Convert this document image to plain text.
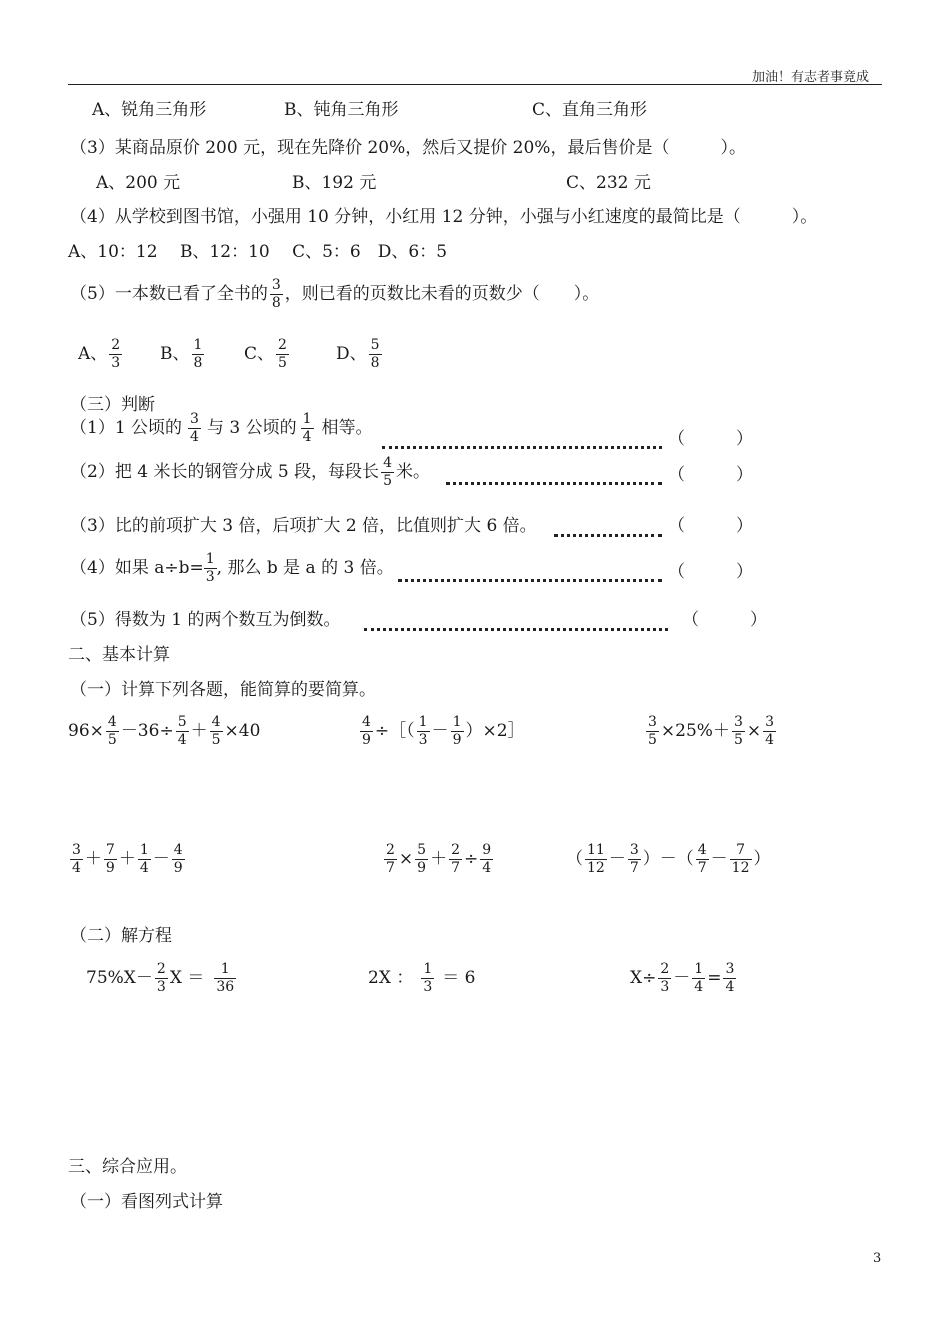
加油！有志者事竟成
A、锐角三角形	B、钝角三角形	C、直角三角形
（3）某商品原价 200 元，现在先降价 20%，然后又提价 20%，最后售价是（　　　）。
A、200 元	B、192 元	C、232 元
（4）从学校到图书馆，小强用 10 分钟，小红用 12 分钟，小强与小红速度的最简比是（　　　）。
A、10：12　 B、12：10　 C、5：6　D、6：5
（5）一本数已看了全书的 $\frac{3}{8}$ ，则已看的页数比未看的页数少（　　）。
A、 $\frac{2}{3}$ B、 $\frac{1}{8}$ C、 $\frac{2}{5}$	D、 $\frac{5}{8}$
（三）判断
（1）1 公顷的 $\frac{3}{4}$ 与 3 公顷的 $\frac{1}{4}$ 相等。
（　　　）
（2）把 4 米长的钢管分成 5 段，每段长 $\frac{4}{5}$ 米。	（　　　）
（3）比的前项扩大 3 倍，后项扩大 2 倍，比值则扩大 6 倍。	（　　　）
（4）如果 $a\div b= \frac{1}{3}$ , 那么 b 是 a 的 3 倍。	（　　　）
（5）得数为 1 的两个数互为倒数。	（　　　）
二、基本计算
（一）计算下列各题，能简算的要简算。
$96\times \frac{4}{5} -36\div \frac{5}{4} + \frac{4}{5} \times 40$	$\frac{4}{9}$ ÷［（ $\frac{1}{3} - \frac{1}{9}$ ）×2］	$\frac{3}{5} \times 25\%+ \frac{3}{5} \times \frac{3}{4}$
$\frac{3}{4} + \frac{7}{9} + \frac{1}{4} - \frac{4}{9}$	$\frac{2}{7} \times \frac{5}{9} + \frac{2}{7} \div \frac{9}{4}$	（ $\frac{11}{12} - \frac{3}{7}$ ）－（ $\frac{4}{7} - \frac{7}{12}$ ）
（二）解方程
$75\%X- \frac{2}{3}$ $X = \frac{1}{36}$	2X ： $\frac{1}{3} = 6$	$X\div \frac{2}{3} - \frac{1}{4} = \frac{3}{4}$
三、综合应用。
（一）看图列式计算
3
